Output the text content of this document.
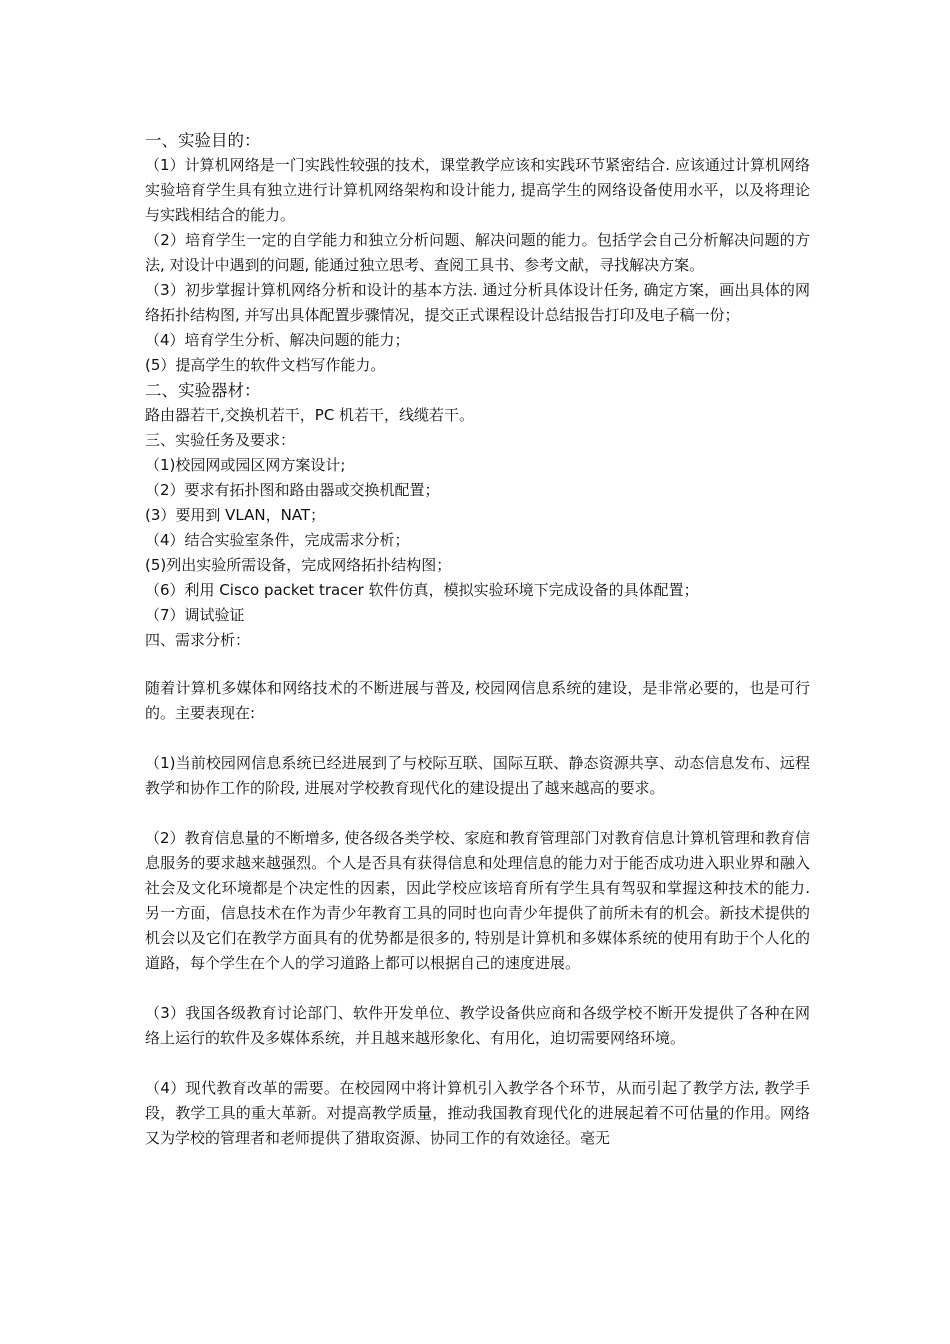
一、实验目的：

（1）计算机网络是一门实践性较强的技术，课堂教学应该和实践环节紧密结合. 应该通过计算机网络实验培育学生具有独立进行计算机网络架构和设计能力, 提高学生的网络设备使用水平，以及将理论与实践相结合的能力。

（2）培育学生一定的自学能力和独立分析问题、解决问题的能力。包括学会自己分析解决问题的方法, 对设计中遇到的问题, 能通过独立思考、查阅工具书、参考文献，寻找解决方案。

（3）初步掌握计算机网络分析和设计的基本方法. 通过分析具体设计任务, 确定方案，画出具体的网络拓扑结构图, 并写出具体配置步骤情况，提交正式课程设计总结报告打印及电子稿一份；

（4）培育学生分析、解决问题的能力；

(5）提高学生的软件文档写作能力。

二、实验器材：

路由器若干,交换机若干，PC 机若干，线缆若干。

三、实验任务及要求：

（1)校园网或园区网方案设计;

（2）要求有拓扑图和路由器或交换机配置；

(3）要用到 VLAN，NAT；

（4）结合实验室条件，完成需求分析；

(5)列出实验所需设备，完成网络拓扑结构图；

（6）利用 Cisco packet tracer 软件仿真，模拟实验环境下完成设备的具体配置；

（7）调试验证

四、需求分析：

随着计算机多媒体和网络技术的不断进展与普及, 校园网信息系统的建设，是非常必要的，也是可行的。主要表现在:

（1)当前校园网信息系统已经进展到了与校际互联、国际互联、静态资源共享、动态信息发布、远程教学和协作工作的阶段, 进展对学校教育现代化的建设提出了越来越高的要求。

（2）教育信息量的不断增多, 使各级各类学校、家庭和教育管理部门对教育信息计算机管理和教育信息服务的要求越来越强烈。个人是否具有获得信息和处理信息的能力对于能否成功进入职业界和融入社会及文化环境都是个决定性的因素，因此学校应该培育所有学生具有驾驭和掌握这种技术的能力. 另一方面，信息技术在作为青少年教育工具的同时也向青少年提供了前所未有的机会。新技术提供的机会以及它们在教学方面具有的优势都是很多的, 特别是计算机和多媒体系统的使用有助于个人化的道路，每个学生在个人的学习道路上都可以根据自己的速度进展。

（3）我国各级教育讨论部门、软件开发单位、教学设备供应商和各级学校不断开发提供了各种在网络上运行的软件及多媒体系统，并且越来越形象化、有用化，迫切需要网络环境。

（4）现代教育改革的需要。在校园网中将计算机引入教学各个环节，从而引起了教学方法, 教学手段，教学工具的重大革新。对提高教学质量，推动我国教育现代化的进展起着不可估量的作用。网络又为学校的管理者和老师提供了猎取资源、协同工作的有效途径。毫无
